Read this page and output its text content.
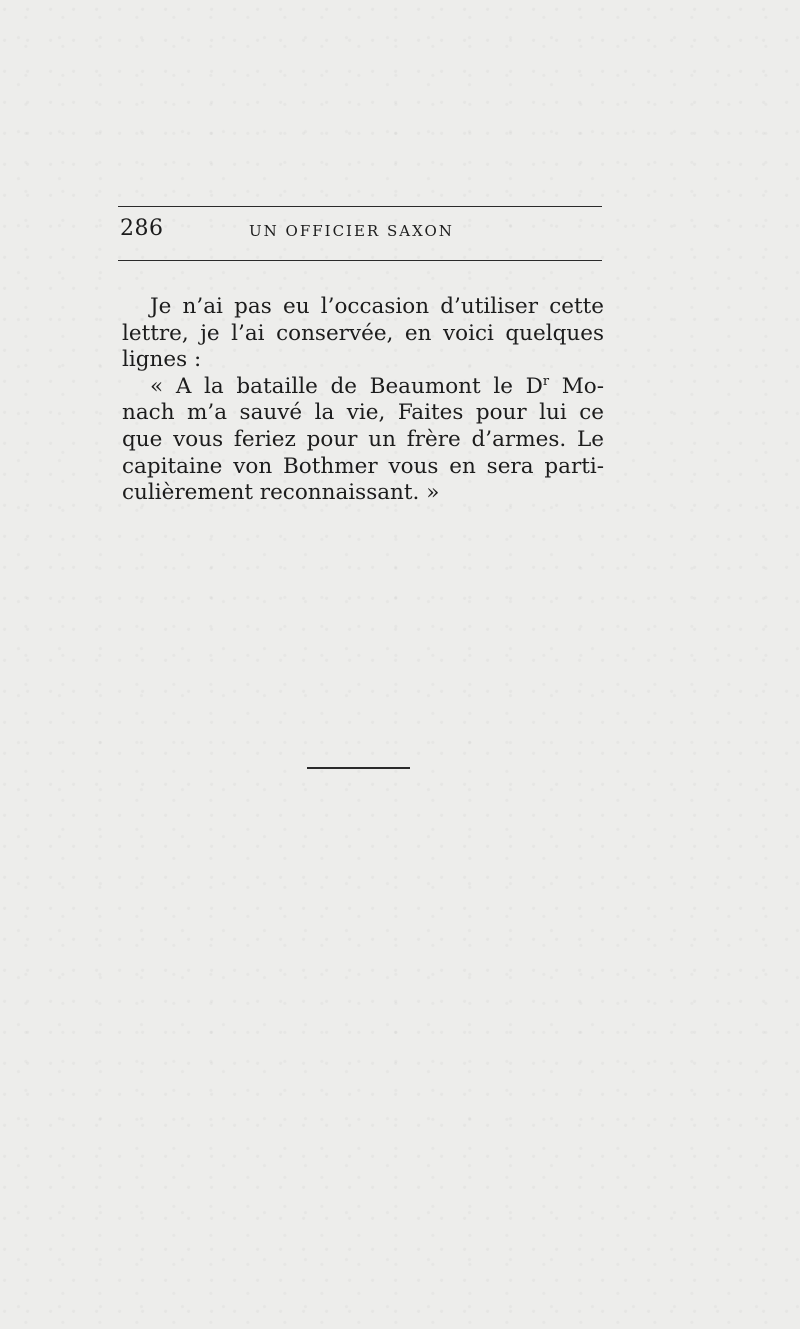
286	UN OFFICIER SAXON
Je n’ai pas eu l’occasion d’utiliser cette
lettre, je l’ai conservée, en voici quelques
lignes :
« A la bataille de Beaumont le $D^r$ Mo-
nach m’a sauvé la vie, Faites pour lui ce
que vous feriez pour un frère d’armes. Le
capitaine von Bothmer vous en sera parti-
culièrement reconnaissant. »
